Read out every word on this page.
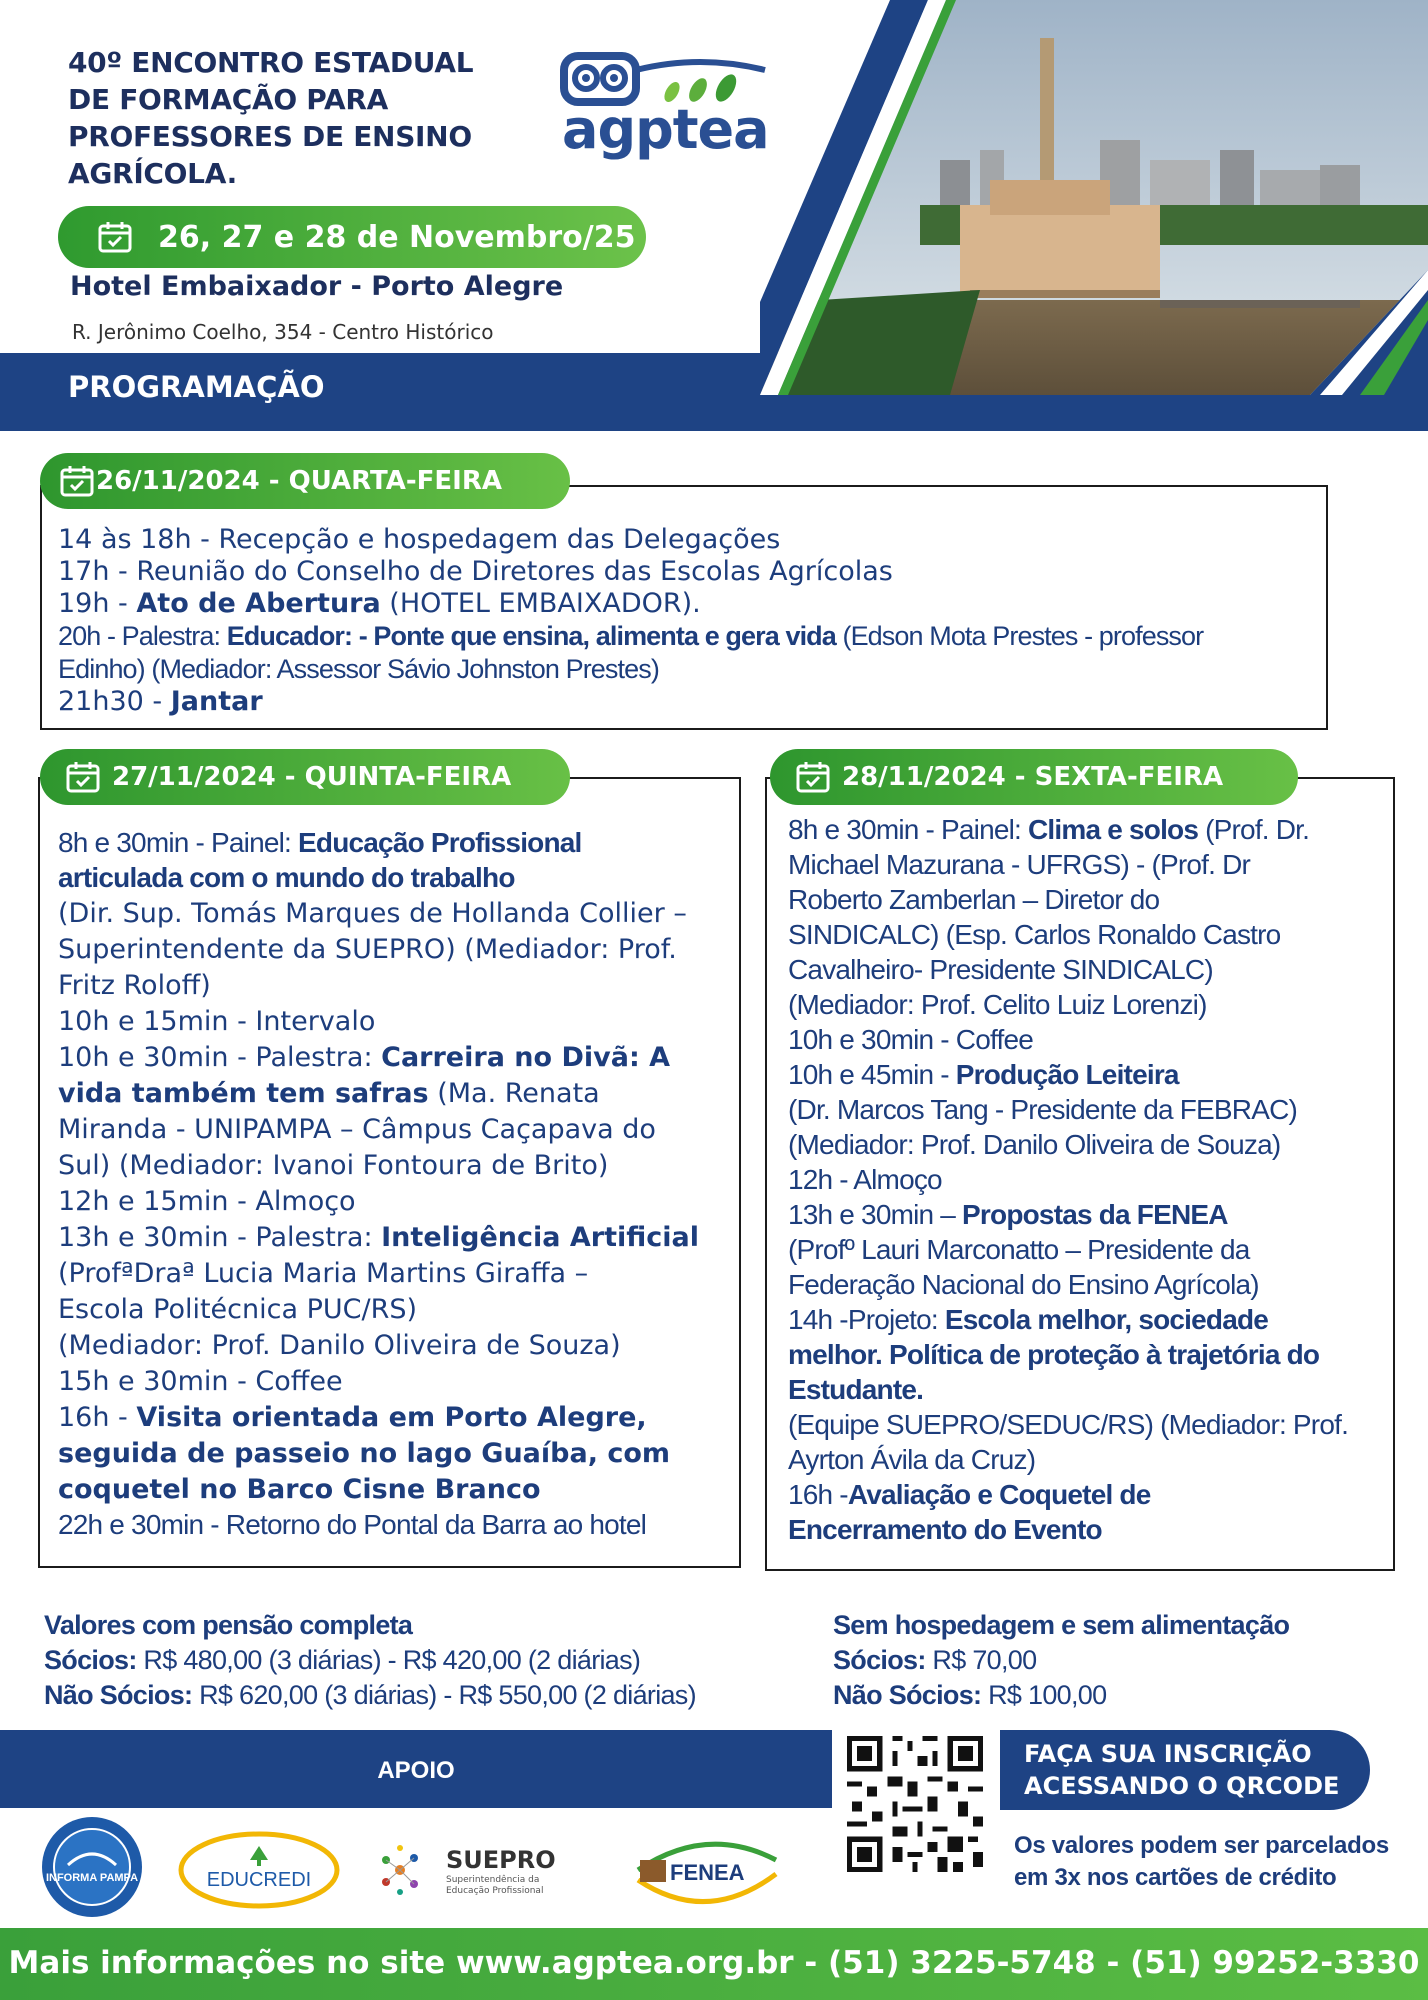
40º ENCONTRO ESTADUAL
DE FORMAÇÃO PARA
PROFESSORES DE ENSINO
AGRÍCOLA.
agptea
26, 27 e 28 de Novembro/25
Hotel Embaixador - Porto Alegre
R. Jerônimo Coelho, 354 - Centro Histórico
PROGRAMAÇÃO
26/11/2024 - QUARTA-FEIRA
14 às 18h - Recepção e hospedagem das Delegações
17h - Reunião do Conselho de Diretores das Escolas Agrícolas
19h - Ato de Abertura (HOTEL EMBAIXADOR).
20h - Palestra: Educador: - Ponte que ensina, alimenta e gera vida (Edson Mota Prestes - professor
Edinho) (Mediador: Assessor Sávio Johnston Prestes)
21h30 - Jantar
27/11/2024 - QUINTA-FEIRA
8h e 30min - Painel: Educação Profissional
articulada com o mundo do trabalho
(Dir. Sup. Tomás Marques de Hollanda Collier –
Superintendente da SUEPRO) (Mediador: Prof.
Fritz Roloff)
10h e 15min - Intervalo
10h e 30min - Palestra: Carreira no Divã: A
vida também tem safras (Ma. Renata
Miranda - UNIPAMPA – Câmpus Caçapava do
Sul) (Mediador: Ivanoi Fontoura de Brito)
12h e 15min - Almoço
13h e 30min - Palestra: Inteligência Artificial
(ProfªDraª Lucia Maria Martins Giraffa –
Escola Politécnica PUC/RS)
(Mediador: Prof. Danilo Oliveira de Souza)
15h e 30min - Coffee
16h - Visita orientada em Porto Alegre,
seguida de passeio no lago Guaíba, com
coquetel no Barco Cisne Branco
22h e 30min - Retorno do Pontal da Barra ao hotel
28/11/2024 - SEXTA-FEIRA
8h e 30min - Painel: Clima e solos (Prof. Dr.
Michael Mazurana - UFRGS) - (Prof. Dr
Roberto Zamberlan – Diretor do
SINDICALC) (Esp. Carlos Ronaldo Castro
Cavalheiro- Presidente SINDICALC)
(Mediador: Prof. Celito Luiz Lorenzi)
10h e 30min - Coffee
10h e 45min - Produção Leiteira
(Dr. Marcos Tang - Presidente da FEBRAC)
(Mediador: Prof. Danilo Oliveira de Souza)
12h - Almoço
13h e 30min – Propostas da FENEA
(Profº Lauri Marconatto – Presidente da
Federação Nacional do Ensino Agrícola)
14h -Projeto: Escola melhor, sociedade
melhor. Política de proteção à trajetória do
Estudante.
(Equipe SUEPRO/SEDUC/RS) (Mediador: Prof.
Ayrton Ávila da Cruz)
16h -Avaliação e Coquetel de
Encerramento do Evento
Valores com pensão completa
Sócios: R$ 480,00 (3 diárias) - R$ 420,00 (2 diárias)
Não Sócios: R$ 620,00 (3 diárias) - R$ 550,00 (2 diárias)
Sem hospedagem e sem alimentação
Sócios: R$ 70,00
Não Sócios: R$ 100,00
APOIO
INFORMA PAMPA	EDUCREDI
SUEPRO
Superintendência da
Educação Profissional
FENEA
FAÇA SUA INSCRIÇÃO
ACESSANDO O QRCODE
Os valores podem ser parcelados
em 3x nos cartões de crédito
Mais informações no site www.agptea.org.br - (51) 3225-5748 - (51) 99252-3330
